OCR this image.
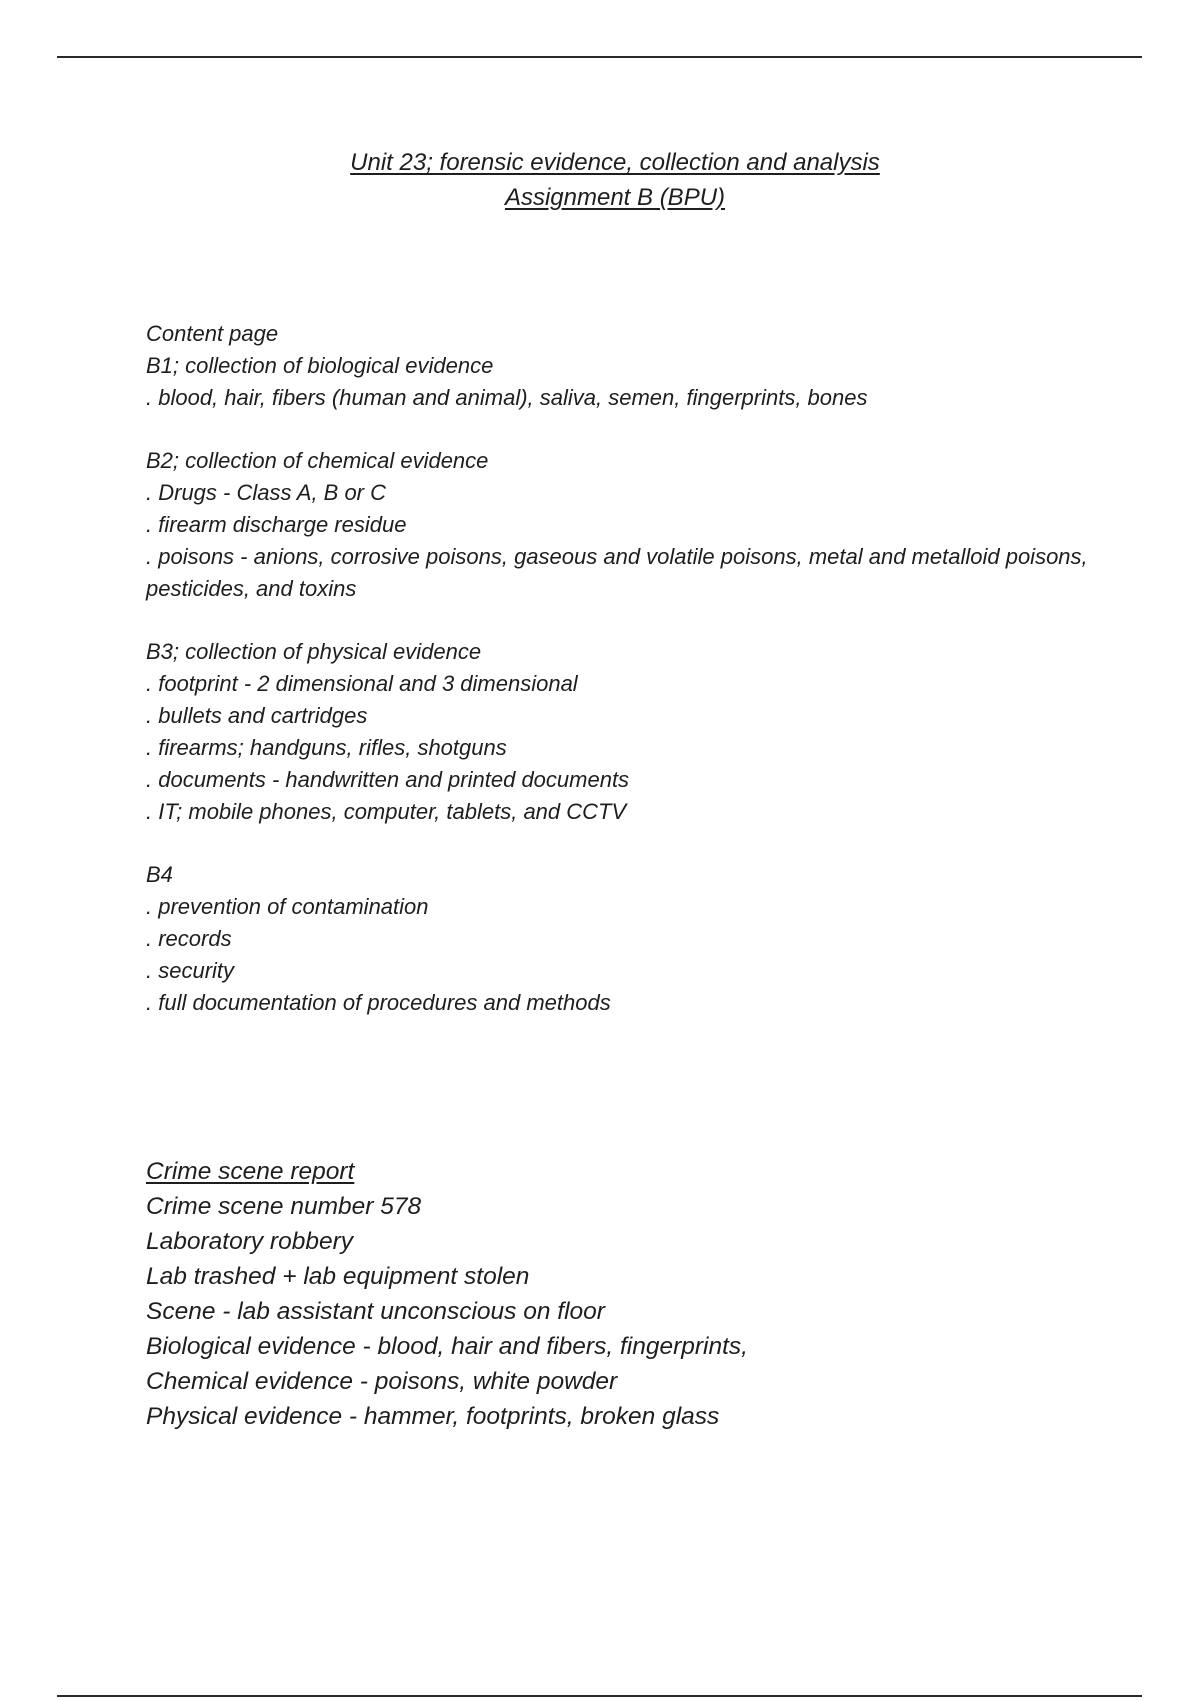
Unit 23; forensic evidence, collection and analysis
Assignment B (BPU)
Content page
B1; collection of biological evidence
. blood, hair, fibers (human and animal), saliva, semen, fingerprints, bones
B2; collection of chemical evidence
. Drugs - Class A, B or C
. firearm discharge residue
. poisons - anions, corrosive poisons, gaseous and volatile poisons, metal and metalloid poisons, pesticides, and toxins
B3; collection of physical evidence
. footprint - 2 dimensional and 3 dimensional
. bullets and cartridges
. firearms; handguns, rifles, shotguns
. documents - handwritten and printed documents
. IT; mobile phones, computer, tablets, and CCTV
B4
. prevention of contamination
. records
. security
. full documentation of procedures and methods
Crime scene report
Crime scene number 578
Laboratory robbery
Lab trashed + lab equipment stolen
Scene - lab assistant unconscious on floor
Biological evidence - blood, hair and fibers, fingerprints,
Chemical evidence - poisons, white powder
Physical evidence - hammer, footprints, broken glass
